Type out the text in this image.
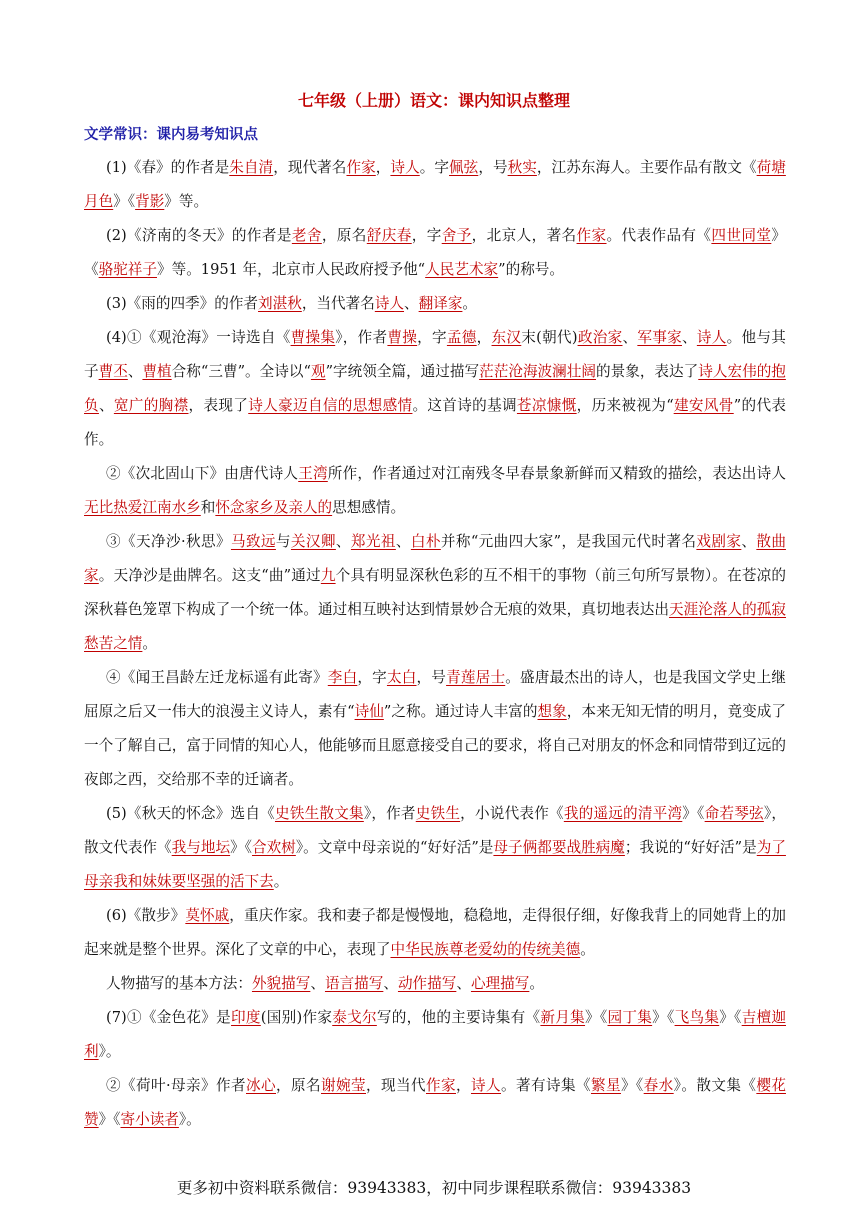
七年级（上册）语文：课内知识点整理
文学常识：课内易考知识点

(1)《春》的作者是朱自清，现代著名作家，诗人。字佩弦，号秋实，江苏东海人。主要作品有散文《荷塘月色》《背影》等。

(2)《济南的冬天》的作者是老舍，原名舒庆春，字舍予，北京人，著名作家。代表作品有《四世同堂》《骆驼祥子》等。1951 年，北京市人民政府授予他“人民艺术家”的称号。

(3)《雨的四季》的作者刘湛秋，当代著名诗人、翻译家。

(4)①《观沧海》一诗选自《曹操集》，作者曹操，字孟德，东汉末(朝代)政治家、军事家、诗人。他与其子曹丕、曹植合称“三曹”。全诗以“观”字统领全篇，通过描写茫茫沧海波澜壮阔的景象，表达了诗人宏伟的抱负、宽广的胸襟，表现了诗人豪迈自信的思想感情。这首诗的基调苍凉慷慨，历来被视为“建安风骨”的代表作。

②《次北固山下》由唐代诗人王湾所作，作者通过对江南残冬早春景象新鲜而又精致的描绘，表达出诗人无比热爱江南水乡和怀念家乡及亲人的思想感情。

③《天净沙·秋思》马致远与关汉卿、郑光祖、白朴并称“元曲四大家”，是我国元代时著名戏剧家、散曲家。天净沙是曲牌名。这支“曲”通过九个具有明显深秋色彩的互不相干的事物（前三句所写景物）。在苍凉的深秋暮色笼罩下构成了一个统一体。通过相互映衬达到情景妙合无痕的效果，真切地表达出天涯沦落人的孤寂愁苦之情。

④《闻王昌龄左迁龙标遥有此寄》李白，字太白，号青莲居士。盛唐最杰出的诗人，也是我国文学史上继屈原之后又一伟大的浪漫主义诗人，素有“诗仙”之称。通过诗人丰富的想象，本来无知无情的明月，竟变成了一个了解自己，富于同情的知心人，他能够而且愿意接受自己的要求，将自己对朋友的怀念和同情带到辽远的夜郎之西，交给那不幸的迁谪者。

(5)《秋天的怀念》选自《史铁生散文集》，作者史铁生，小说代表作《我的遥远的清平湾》《命若琴弦》，散文代表作《我与地坛》《合欢树》。文章中母亲说的“好好活”是母子俩都要战胜病魔；我说的“好好活”是为了母亲我和妹妹要坚强的活下去。

(6)《散步》莫怀戚，重庆作家。我和妻子都是慢慢地，稳稳地，走得很仔细，好像我背上的同她背上的加起来就是整个世界。深化了文章的中心，表现了中华民族尊老爱幼的传统美德。

人物描写的基本方法：外貌描写、语言描写、动作描写、心理描写。

(7)①《金色花》是印度(国别)作家泰戈尔写的，他的主要诗集有《新月集》《园丁集》《飞鸟集》《吉檀迦利》。

②《荷叶·母亲》作者冰心，原名谢婉莹，现当代作家，诗人。著有诗集《繁星》《春水》。散文集《樱花赞》《寄小读者》。

更多初中资料联系微信：93943383，初中同步课程联系微信：93943383
